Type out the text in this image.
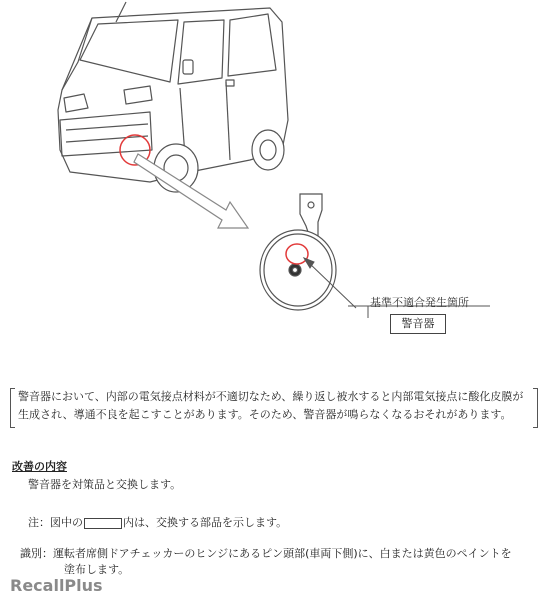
基準不適合発生箇所
警音器
警音器において、内部の電気接点材料が不適切なため、繰り返し被水すると内部電気接点に酸化皮膜が生成され、導通不良を起こすことがあります。そのため、警音器が鳴らなくなるおそれがあります。
改善の内容
警音器を対策品と交換します。
注：図中の	内は、交換する部品を示します。
識別：運転者席側ドアチェッカーのヒンジにあるピン頭部(車両下側)に、白または黄色のペイントを
塗布します。
RecallPlus
